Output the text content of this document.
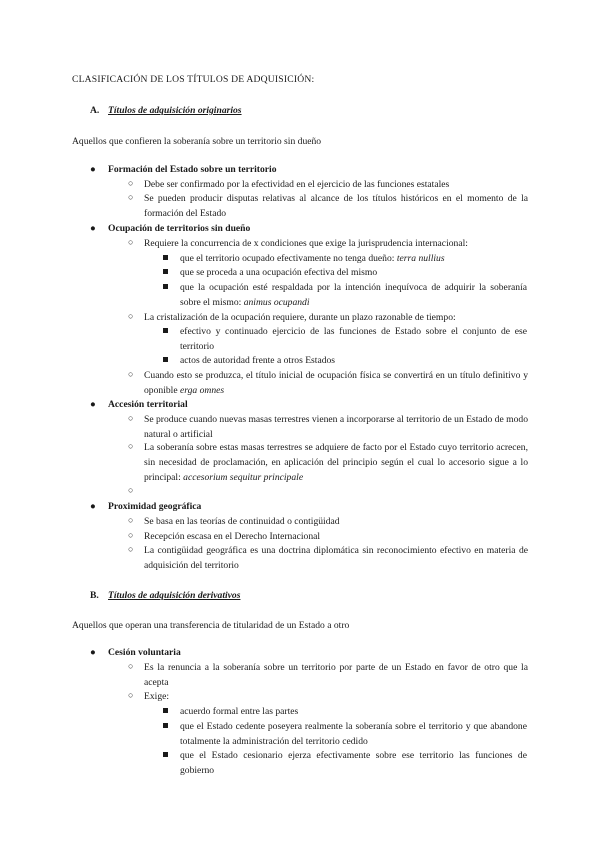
CLASIFICACIÓN DE LOS TÍTULOS DE ADQUISICIÓN:
A. Títulos de adquisición originarios
Aquellos que confieren la soberanía sobre un territorio sin dueño
●	Formación del Estado sobre un territorio
○	Debe ser confirmado por la efectividad en el ejercicio de las funciones estatales
○	Se pueden producir disputas relativas al alcance de los títulos históricos en el momento de la formación del Estado
●	Ocupación de territorios sin dueño
○	Requiere la concurrencia de x condiciones que exige la jurisprudencia internacional:
que el territorio ocupado efectivamente no tenga dueño: terra nullius
que se proceda a una ocupación efectiva del mismo
que la ocupación esté respaldada por la intención inequívoca de adquirir la soberanía sobre el mismo: animus ocupandi
○	La cristalización de la ocupación requiere, durante un plazo razonable de tiempo:
efectivo y continuado ejercicio de las funciones de Estado sobre el conjunto de ese territorio
actos de autoridad frente a otros Estados
○	Cuando esto se produzca, el título inicial de ocupación física se convertirá en un título definitivo y oponible erga omnes
●	Accesión territorial
○	Se produce cuando nuevas masas terrestres vienen a incorporarse al territorio de un Estado de modo natural o artificial
○	La soberanía sobre estas masas terrestres se adquiere de facto por el Estado cuyo territorio acrecen, sin necesidad de proclamación, en aplicación del principio según el cual lo accesorio sigue a lo principal: accesorium sequitur principale
○
●	Proximidad geográfica
○	Se basa en las teorías de continuidad o contigüidad
○	Recepción escasa en el Derecho Internacional
○	La contigüidad geográfica es una doctrina diplomática sin reconocimiento efectivo en materia de adquisición del territorio
B. Títulos de adquisición derivativos
Aquellos que operan una transferencia de titularidad de un Estado a otro
●	Cesión voluntaria
○	Es la renuncia a la soberanía sobre un territorio por parte de un Estado en favor de otro que la acepta
○	Exige:
acuerdo formal entre las partes
que el Estado cedente poseyera realmente la soberanía sobre el territorio y que abandone totalmente la administración del territorio cedido
que el Estado cesionario ejerza efectivamente sobre ese territorio las funciones de gobierno
